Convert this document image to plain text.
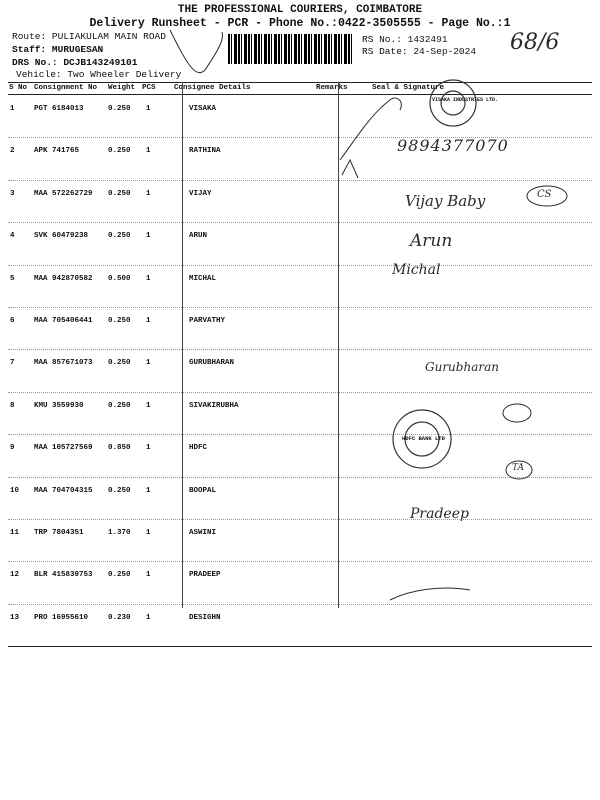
THE PROFESSIONAL COURIERS, COIMBATORE
Delivery Runsheet - PCR - Phone No.:0422-3505555 - Page No.:1
Route: PULIAKULAM MAIN ROAD
Staff: MURUGESAN
DRS No.: DCJB143249101
Vehicle: Two Wheeler Delivery
RS No.: 1432491
RS Date: 24-Sep-2024 68/6
S No Consignment No Weight PCS Consignee Details	Remarks	Seal & Signature
1	PGT 6184013	0.250 1	VISAKA
2	APK 741765	0.250 1	RATHINA
3	MAA 572262729 0.250 1	VIJAY
4	SVK 60479238	0.250 1	ARUN
5	MAA 942870582 0.500 1	MICHAL
6	MAA 705406441 0.250 1	PARVATHY
7	MAA 857671073 0.250 1	GURUBHARAN
8	KMU 3559930	0.250 1	SIVAKIRUBHA
9	MAA 105727569 0.850 1	HDFC
10 MAA 704704315 0.250 1	BOOPAL
11 TRP 7804351	1.370 1	ASWINI
12 BLR 415839753 0.250 1	PRADEEP
13 PRO 16955610	0.230 1	DESIGHN
9894377070
Vijay Baby	CS
Arun
Michal
Gurubharan
Pradeep
TA
VISAKA INDUSTRIES LTD.
HDFC BANK LTD
